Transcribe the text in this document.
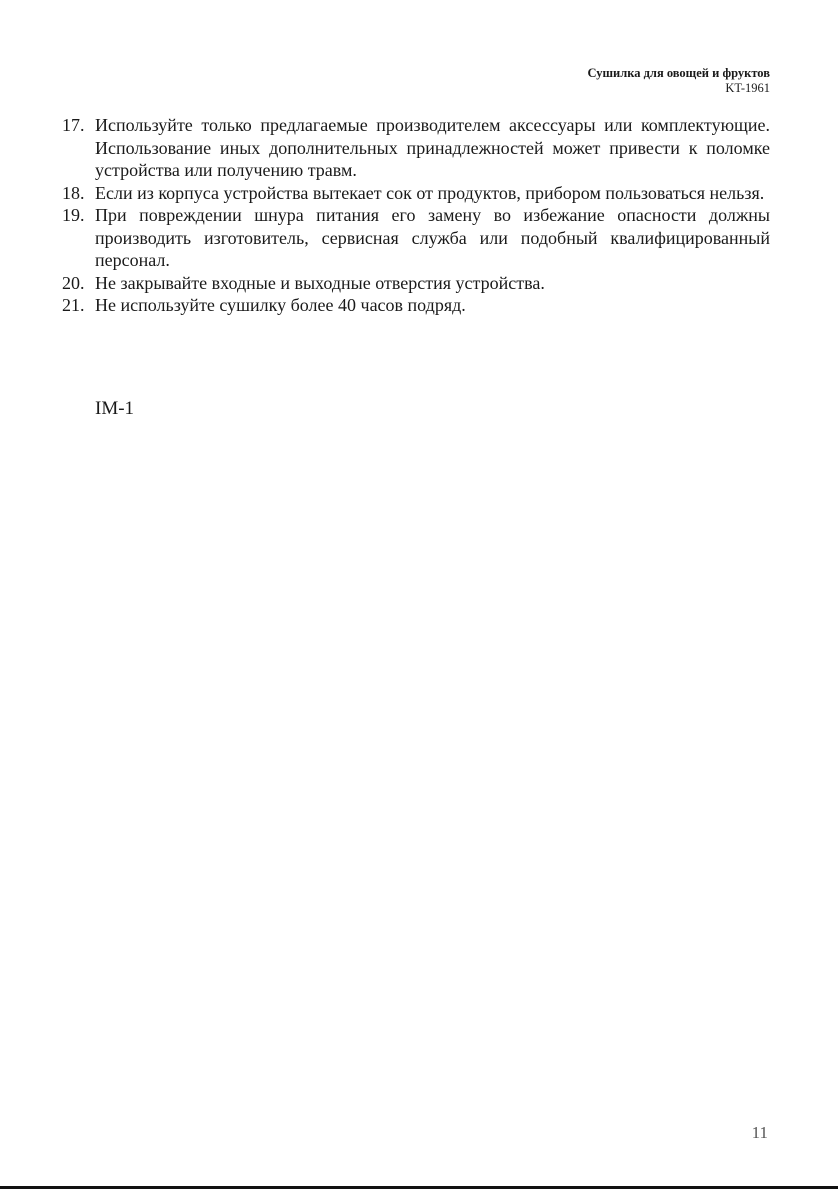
Сушилка для овощей и фруктов
KT-1961
17. Используйте только предлагаемые производителем аксессуары или комплектующие. Использование иных дополнительных принадлежностей может привести к поломке устройства или получению травм.
18. Если из корпуса устройства вытекает сок от продуктов, прибором пользоваться нельзя.
19. При повреждении шнура питания его замену во избежание опасности должны производить изготовитель, сервисная служба или подобный квалифицированный персонал.
20. Не закрывайте входные и выходные отверстия устройства.
21. Не используйте сушилку более 40 часов подряд.
IM-1
11
